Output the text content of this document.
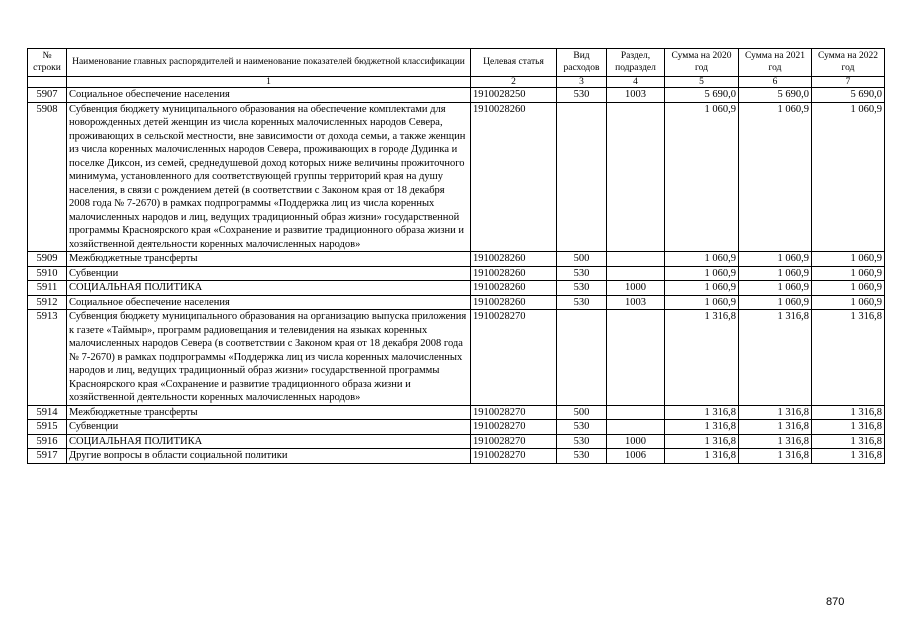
№ строки	Наименование главных распорядителей и наименование показателей бюджетной классификации	Целевая статья	Вид расходов	Раздел, подраздел	Сумма на 2020 год	Сумма на 2021 год	Сумма на 2022 год
	1	2	3	4	5	6	7
5907	Социальное обеспечение населения	1910028250	530	1003	5 690,0	5 690,0	5 690,0
5908	Субвенция бюджету муниципального образования на обеспечение комплектами для новорожденных детей женщин из числа коренных малочисленных народов Севера, проживающих в сельской местности, вне зависимости от дохода семьи, а также женщин из числа коренных малочисленных народов Севера, проживающих в городе Дудинка и поселке Диксон, из семей, среднедушевой доход которых ниже величины прожиточного минимума, установленного для соответствующей группы территорий края на душу населения, в связи с рождением детей (в соответствии с Законом края от 18 декабря 2008 года № 7-2670) в рамках подпрограммы «Поддержка лиц из числа коренных малочисленных народов и лиц, ведущих традиционный образ жизни» государственной программы Красноярского края «Сохранение и развитие традиционного образа жизни и хозяйственной деятельности коренных малочисленных народов»	1910028260			1 060,9	1 060,9	1 060,9
5909	Межбюджетные трансферты	1910028260	500		1 060,9	1 060,9	1 060,9
5910	Субвенции	1910028260	530		1 060,9	1 060,9	1 060,9
5911	СОЦИАЛЬНАЯ ПОЛИТИКА	1910028260	530	1000	1 060,9	1 060,9	1 060,9
5912	Социальное обеспечение населения	1910028260	530	1003	1 060,9	1 060,9	1 060,9
5913	Субвенция бюджету муниципального образования на организацию выпуска приложения к газете «Таймыр», программ радиовещания и телевидения на языках коренных малочисленных народов Севера (в соответствии с Законом края от 18 декабря 2008 года № 7-2670) в рамках подпрограммы «Поддержка лиц из числа коренных малочисленных народов и лиц, ведущих традиционный образ жизни» государственной программы Красноярского края «Сохранение и развитие традиционного образа жизни и хозяйственной деятельности коренных малочисленных народов»	1910028270			1 316,8	1 316,8	1 316,8
5914	Межбюджетные трансферты	1910028270	500		1 316,8	1 316,8	1 316,8
5915	Субвенции	1910028270	530		1 316,8	1 316,8	1 316,8
5916	СОЦИАЛЬНАЯ ПОЛИТИКА	1910028270	530	1000	1 316,8	1 316,8	1 316,8
5917	Другие вопросы в области социальной политики	1910028270	530	1006	1 316,8	1 316,8	1 316,8
870
